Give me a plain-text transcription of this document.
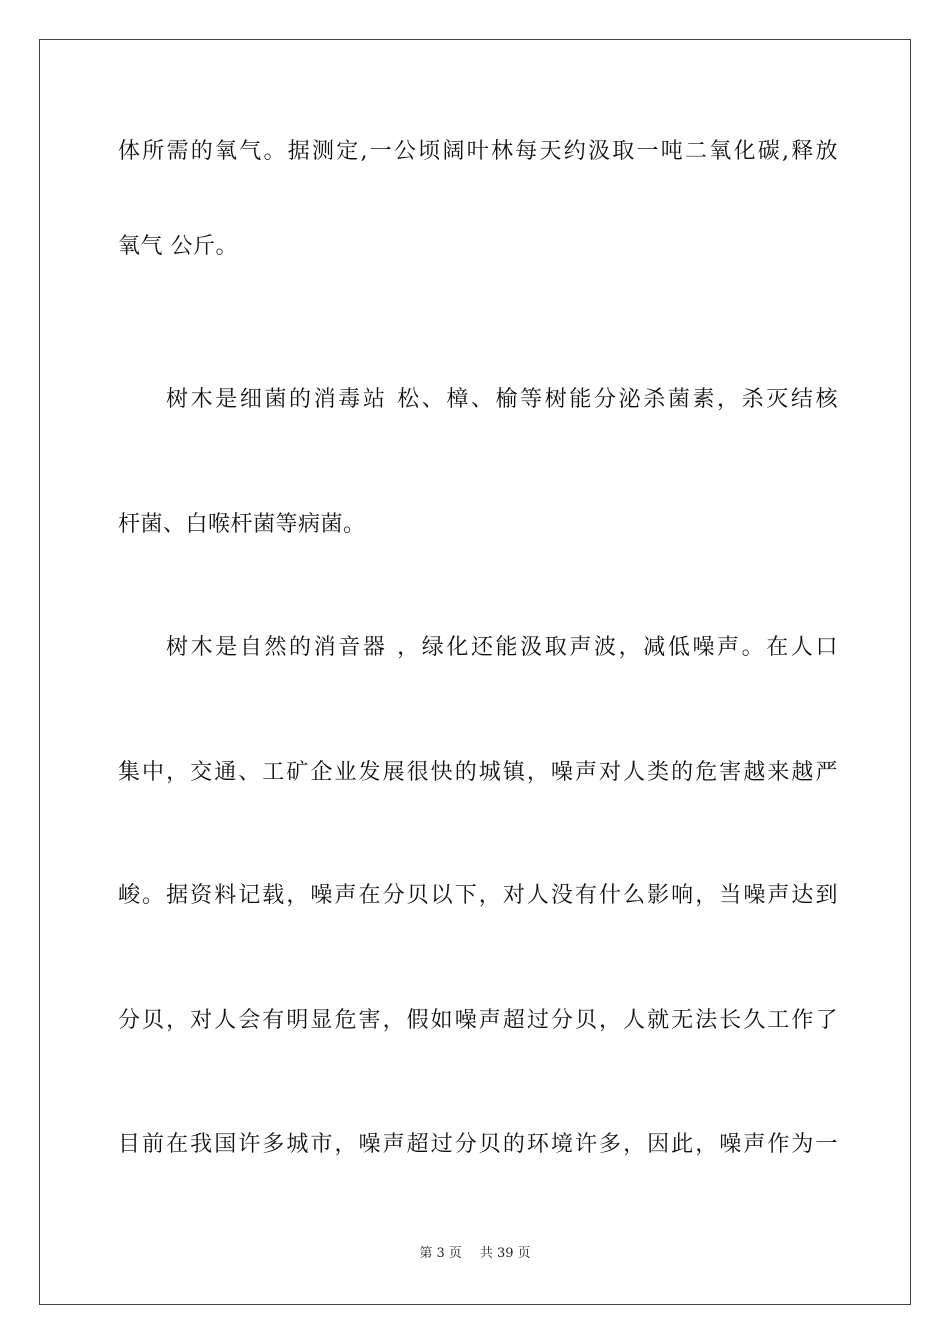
体所需的氧气。据测定,一公顷阔叶林每天约汲取一吨二氧化碳,释放
氧气 公斤。
树木是细菌的消毒站 松、樟、榆等树能分泌杀菌素，杀灭结核
杆菌、白喉杆菌等病菌。
树木是自然的消音器 ，绿化还能汲取声波，减低噪声。在人口
集中，交通、工矿企业发展很快的城镇，噪声对人类的危害越来越严
峻。据资料记载，噪声在分贝以下，对人没有什么影响，当噪声达到
分贝，对人会有明显危害，假如噪声超过分贝，人就无法长久工作了
目前在我国许多城市，噪声超过分贝的环境许多，因此，噪声作为一
第 3 页 共 39 页
